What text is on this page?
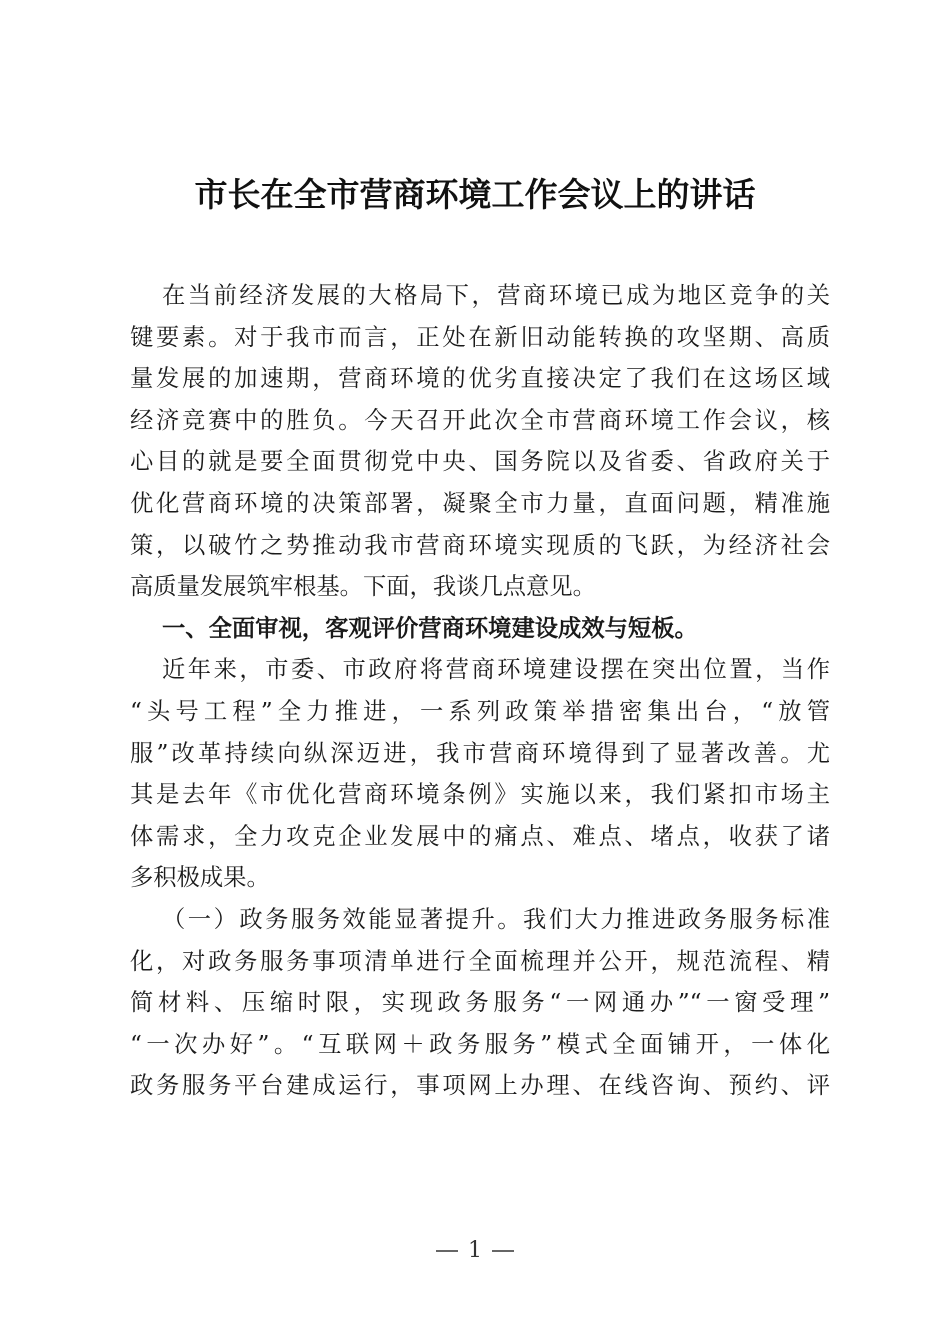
市长在全市营商环境工作会议上的讲话
在当前经济发展的大格局下，营商环境已成为地区竞争的关
键要素。对于我市而言，正处在新旧动能转换的攻坚期、高质
量发展的加速期，营商环境的优劣直接决定了我们在这场区域
经济竞赛中的胜负。今天召开此次全市营商环境工作会议，核
心目的就是要全面贯彻党中央、国务院以及省委、省政府关于
优化营商环境的决策部署，凝聚全市力量，直面问题，精准施
策，以破竹之势推动我市营商环境实现质的飞跃，为经济社会
高质量发展筑牢根基。下面，我谈几点意见。
一、全面审视，客观评价营商环境建设成效与短板。
近年来，市委、市政府将营商环境建设摆在突出位置，当作
“头号工程”全力推进，一系列政策举措密集出台，“放管
服”改革持续向纵深迈进，我市营商环境得到了显著改善。尤
其是去年《市优化营商环境条例》实施以来，我们紧扣市场主
体需求，全力攻克企业发展中的痛点、难点、堵点，收获了诸
多积极成果。
（一）政务服务效能显著提升。我们大力推进政务服务标准
化，对政务服务事项清单进行全面梳理并公开，规范流程、精
简材料、压缩时限，实现政务服务“一网通办”“一窗受理”
“一次办好”。“互联网＋政务服务”模式全面铺开，一体化
政务服务平台建成运行，事项网上办理、在线咨询、预约、评
1
